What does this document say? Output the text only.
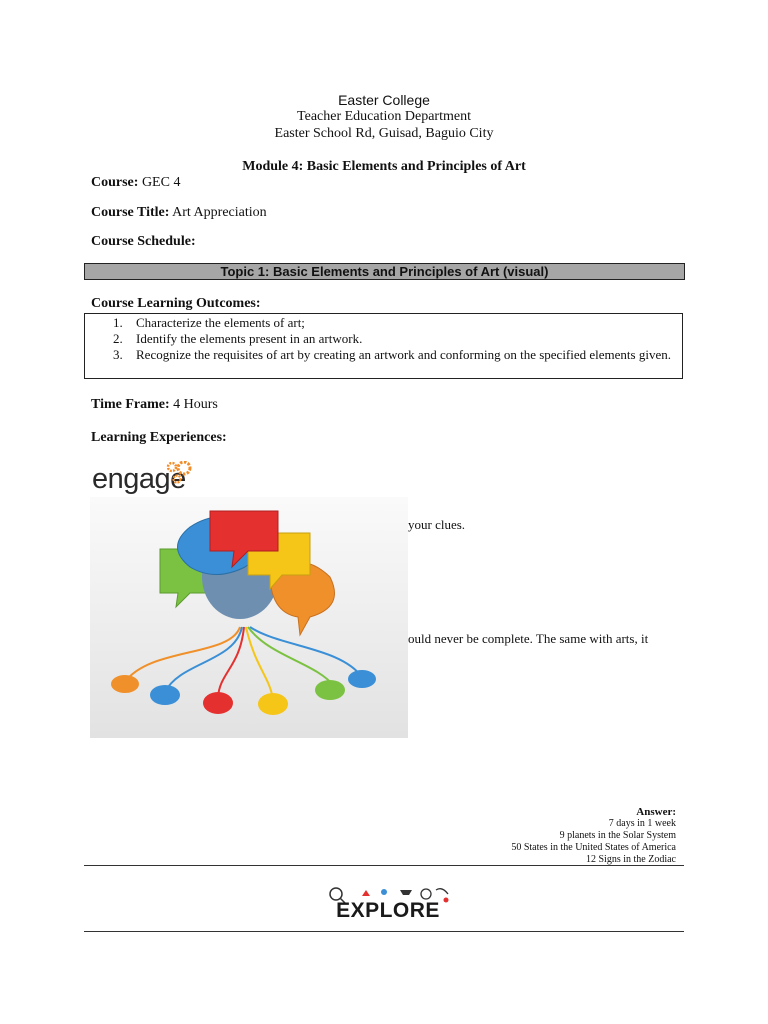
Easter College
Teacher Education Department
Easter School Rd, Guisad, Baguio City
Module 4: Basic Elements and Principles of Art
Course: GEC 4
Course Title: Art Appreciation
Course Schedule:
Topic 1: Basic Elements and Principles of Art (visual)
Course Learning Outcomes:
1.	Characterize the elements of art;
2.	Identify the elements present in an artwork.
3.	Recognize the requisites of art by creating an artwork and conforming on the specified elements given.
Time Frame: 4 Hours
Learning Experiences:
engage
your clues.
ould never be complete. The same with arts, it
Answer:
7 days in 1 week
9 planets in the Solar System
50 States in the United States of America
12 Signs in the Zodiac
EXPLORE
